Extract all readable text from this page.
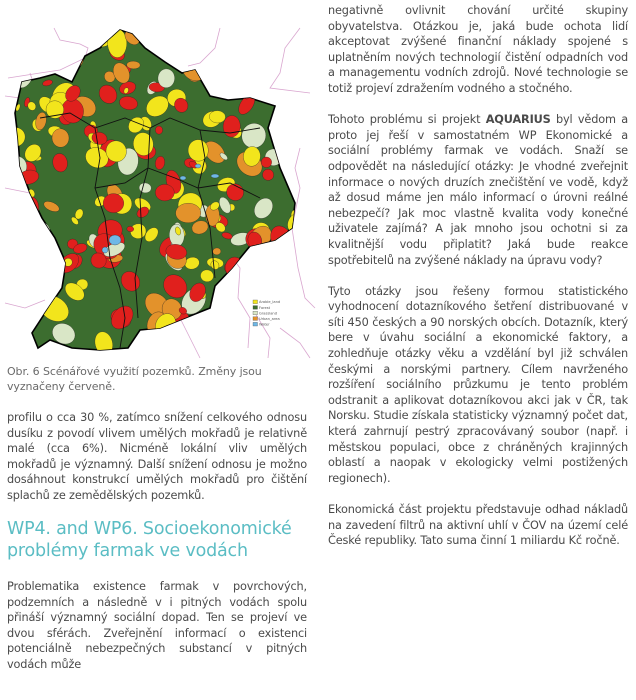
Arable_land
Forest
Grassland
Urban_area
Water
Obr. 6 Scénářové využití pozemků. Změny jsou vyznačeny červeně.

profilu o cca 30 %, zatímco snížení celkového odnosu dusíku z povodí vlivem umělých mokřadů je relativně malé (cca 6%). Nicméně lokální vliv umělých mokřadů je významný. Další snížení odnosu je možno dosáhnout konstrukcí umělých mokřadů pro čištění splachů ze zemědělských pozemků.

WP4. and WP6. Socioekonomické problémy farmak ve vodách

Problematika existence farmak v povrchových, podzemních a následně v i pitných vodách spolu přináší významný sociální dopad. Ten se projeví ve dvou sférách. Zveřejnění informací o existenci potenciálně nebezpečných substancí v pitných vodách může

negativně ovlivnit chování určité skupiny obyvatelstva. Otázkou je, jaká bude ochota lidí akceptovat zvýšené finanční náklady spojené s uplatněním nových technologií čistění odpadních vod a managementu vodních zdrojů. Nové technologie se totiž projeví zdražením vodného a stočného.

Tohoto problému si projekt AQUARIUS byl vědom a proto jej řeší v samostatném WP Ekonomické a sociální problémy farmak ve vodách. Snaží se odpovědět na následující otázky: Je vhodné zveřejnit informace o nových druzích znečištění ve vodě, když až dosud máme jen málo informací o úrovni reálné nebezpečí? Jak moc vlastně kvalita vody konečné uživatele zajímá? A jak mnoho jsou ochotni si za kvalitnější vodu připlatit? Jaká bude reakce spotřebitelů na zvýšené náklady na úpravu vody?

Tyto otázky jsou řešeny formou statistického vyhodnocení dotazníkového šetření distribuované v síti 450 českých a 90 norských obcích. Dotazník, který bere v úvahu sociální a ekonomické faktory, a zohledňuje otázky věku a vzdělání byl již schválen českými a norskými partnery. Cílem navrženého rozšíření sociálního průzkumu je tento problém odstranit a aplikovat dotazníkovou akci jak v ČR, tak Norsku. Studie získala statisticky významný počet dat, která zahrnují pestrý zpracovávaný soubor (např. i městskou populaci, obce z chráněných krajinných oblastí a naopak v ekologicky velmi postižených regionech).

Ekonomická část projektu představuje odhad nákladů na zavedení filtrů na aktivní uhlí v ČOV na území celé České republiky. Tato suma činní 1 miliardu Kč ročně.
